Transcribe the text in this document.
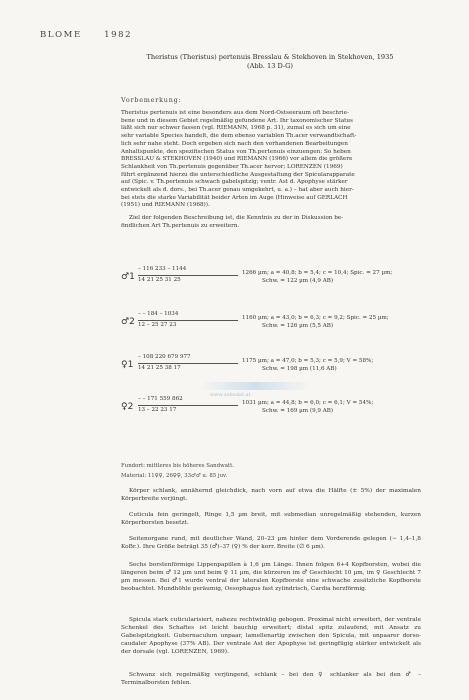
BLOME	1982
Theristus (Theristus) pertenuis Bresslau & Stekhoven in Stekhoven, 1935
(Abb. 13 D-G)
Vorbemerkung:
Theristus pertenuis ist eine besonders aus dem Nord-Ostseeraum oft beschrie-
bene und in diesem Gebiet regelmäßig gefundene Art. Ihr taxonomischer Status
läßt sich nur schwer fassen (vgl. RIEMANN, 1968 p. 31), zumal es sich um eine
sehr variable Species handelt, die dem ebenso variablen Th.acer verwandtschaft-
lich sehr nahe steht. Doch ergeben sich nach den vorhandenen Bearbeitungen
Anhaltspunkte, den spezifischen Status von Th.pertenuis einzuengen: So heben
BRESSLAU & STEKHOVEN (1940) und RIEMANN (1966) vor allem die größere
Schlankheit von Th.pertenuis gegenüber Th.acer hervor; LORENZEN (1969)
führt ergänzend hierzu die unterschiedliche Ausgestaltung der Spicularapparate
auf (Spic. v. Th.pertenuis schwach gabelspitzig; ventr. Ast d. Apophyse stärker
entwickelt als d. dors., bei Th.acer genau umgekehrt, u. a.) – hat aber auch hier-
bei stets die starke Variabilität beider Arten im Auge (Hinweise auf GERLACH
(1951) und RIEMANN (1968)).
Ziel der folgenden Beschreibung ist, die Kenntnis zu der in Diskussion be-
findlichen Art Th.pertenuis zu erweitern.
♂1
– 116 233 – 1144
14 21 25 31 25
1266 µm; a = 40,8; b = 5,4; c = 10,4; Spic. = 27 µm;
Schw. = 122 µm (4,9 AB)
♂2
– – 184 – 1034
12 – 25 27 23
1160 µm; a = 43,0; b = 6,3; c = 9,2; Spic. = 25 µm;
Schw. = 126 µm (5,5 AB)
♀1
– 108 220 679 977
14 21 25 38 17
1175 µm; a = 47,0; b = 5,3; c = 5,9; V = 58%;
Schw. = 198 µm (11,6 AB)
♀2
– – 171 559 862
13 – 22 23 17
1031 µm; a = 44,8; b = 6,0; c = 6,1; V = 54%;
Schw. = 169 µm (9,9 AB)
www.zobodat.at
Fundort: mittleres bis höheres Sandwatt.
Material: 11♀♀, 26♀♀, 33♂♂ u. 85 juv.
Körper schlank, annähernd gleichdick, nach vorn auf etwa die Hälfte (± 5%) der maximalen Körperbreite verjüngt.
Cuticula fein geringelt, Ringe 1,5 µm breit, mit submedian unregelmäßig stehenden, kurzen Körperborsten besetzt.
Seitenorgane rund, mit deutlicher Wand, 20–23 µm hinter dem Vorderende gelegen (∼ 1,4–1,8 KoBr.). Ihre Größe beträgt 35 (♂)–37 (♀) % der korr. Breite (∅ 6 µm).
Sechs borstenförmige Lippenpapillen à 1,6 µm Länge. Ihnen folgen 6+4 Kopfborsten, wobei die längeren beim ♂ 12 µm und beim ♀ 11 µm, die kürzeren im ♂ Geschlecht 10 µm, im ♀ Geschlecht 7 µm messen. Bei ♂1 wurde ventral der lateralen Kopfborste eine schwache zusätzliche Kopfborste beobachtet. Mundhöhle geräumig, Oesophagus fast zylindrisch, Cardia herzförmig.
Spicula stark cuticularisiert, nahezu rechtwinklig gebogen. Proximal nicht erweitert, der ventrale Schenkel des Schaftes ist leicht bauchig erweitert; distal spitz zulaufend, mit Ansatz zu Gabelspitzigkeit. Gubernaculum unpaar, lamellenartig zwischen den Spicula, mit unpaarer dorso-caudaler Apophyse (37% AB). Der ventrale Ast der Apophyse ist geringfügig stärker entwickelt als der dorsale (vgl. LORENZEN, 1969).
Schwanz sich regelmäßig verjüngend, schlank – bei den ♀ schlanker als bei den ♂ – Terminalborsten fehlen.
